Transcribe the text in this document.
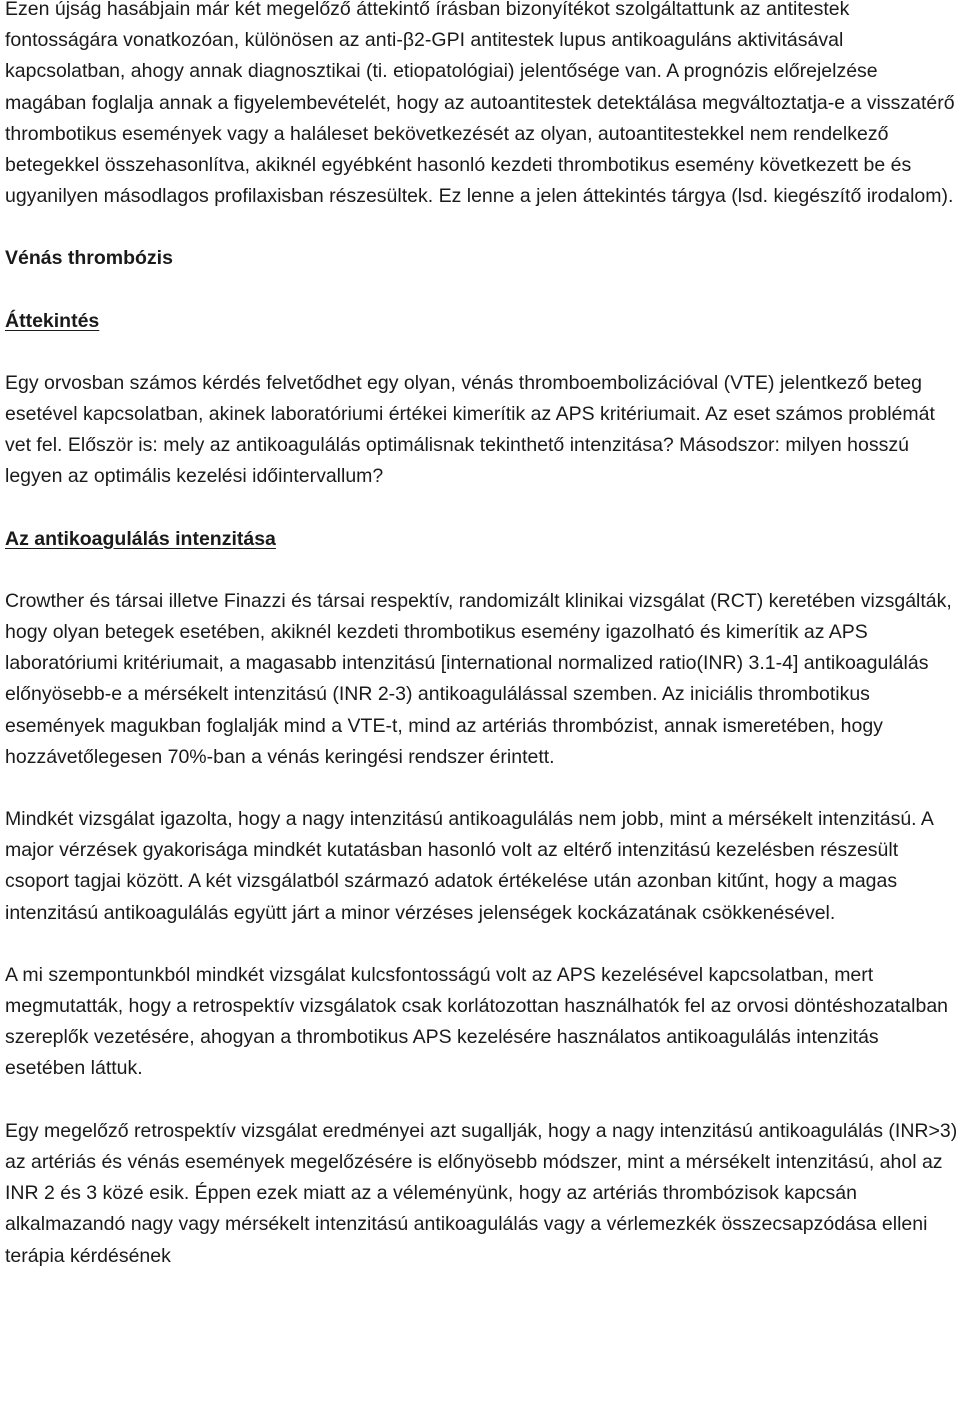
Ezen újság hasábjain már két megelőző áttekintő írásban bizonyítékot szolgáltattunk az antitestek fontosságára vonatkozóan, különösen az anti-β2-GPI antitestek lupus antikoaguláns aktivitásával kapcsolatban, ahogy annak diagnosztikai (ti. etiopatológiai) jelentősége van. A prognózis előrejelzése magában foglalja annak a figyelembevételét, hogy az autoantitestek detektálása megváltoztatja-e a visszatérő thrombotikus események vagy a haláleset bekövetkezését az olyan, autoantitestekkel nem rendelkező betegekkel összehasonlítva, akiknél egyébként hasonló kezdeti thrombotikus esemény következett be és ugyanilyen másodlagos profilaxisban részesültek. Ez lenne a jelen áttekintés tárgya (lsd. kiegészítő irodalom).

Vénás thrombózis

Áttekintés

Egy orvosban számos kérdés felvetődhet egy olyan, vénás thromboembolizációval (VTE) jelentkező beteg esetével kapcsolatban, akinek laboratóriumi értékei kimerítik az APS kritériumait. Az eset számos problémát vet fel. Először is: mely az antikoagulálás optimálisnak tekinthető intenzitása? Másodszor: milyen hosszú legyen az optimális kezelési időintervallum?

Az antikoagulálás intenzitása

Crowther és társai illetve Finazzi és társai respektív, randomizált klinikai vizsgálat (RCT) keretében vizsgálták, hogy olyan betegek esetében, akiknél kezdeti thrombotikus esemény igazolható és kimerítik az APS laboratóriumi kritériumait, a magasabb intenzitású [international normalized ratio(INR) 3.1-4] antikoagulálás előnyösebb-e a mérsékelt intenzitású (INR 2-3) antikoagulálással szemben. Az iniciális thrombotikus események magukban foglalják mind a VTE-t, mind az artériás thrombózist, annak ismeretében, hogy hozzávetőlegesen 70%-ban a vénás keringési rendszer érintett.

Mindkét vizsgálat igazolta, hogy a nagy intenzitású antikoagulálás nem jobb, mint a mérsékelt intenzitású. A major vérzések gyakorisága mindkét kutatásban hasonló volt az eltérő intenzitású kezelésben részesült csoport tagjai között. A két vizsgálatból származó adatok értékelése után azonban kitűnt, hogy a magas intenzitású antikoagulálás együtt járt a minor vérzéses jelenségek kockázatának csökkenésével.

A mi szempontunkból mindkét vizsgálat kulcsfontosságú volt az APS kezelésével kapcsolatban, mert megmutatták, hogy a retrospektív vizsgálatok csak korlátozottan használhatók fel az orvosi döntéshozatalban szereplők vezetésére, ahogyan a thrombotikus APS kezelésére használatos antikoagulálás intenzitás esetében láttuk.

Egy megelőző retrospektív vizsgálat eredményei azt sugallják, hogy a nagy intenzitású antikoagulálás (INR>3) az artériás és vénás események megelőzésére is előnyösebb módszer, mint a mérsékelt intenzitású, ahol az INR 2 és 3 közé esik. Éppen ezek miatt az a véleményünk, hogy az artériás thrombózisok kapcsán alkalmazandó nagy vagy mérsékelt intenzitású antikoagulálás vagy a vérlemezkék összecsapzódása elleni terápia kérdésének
